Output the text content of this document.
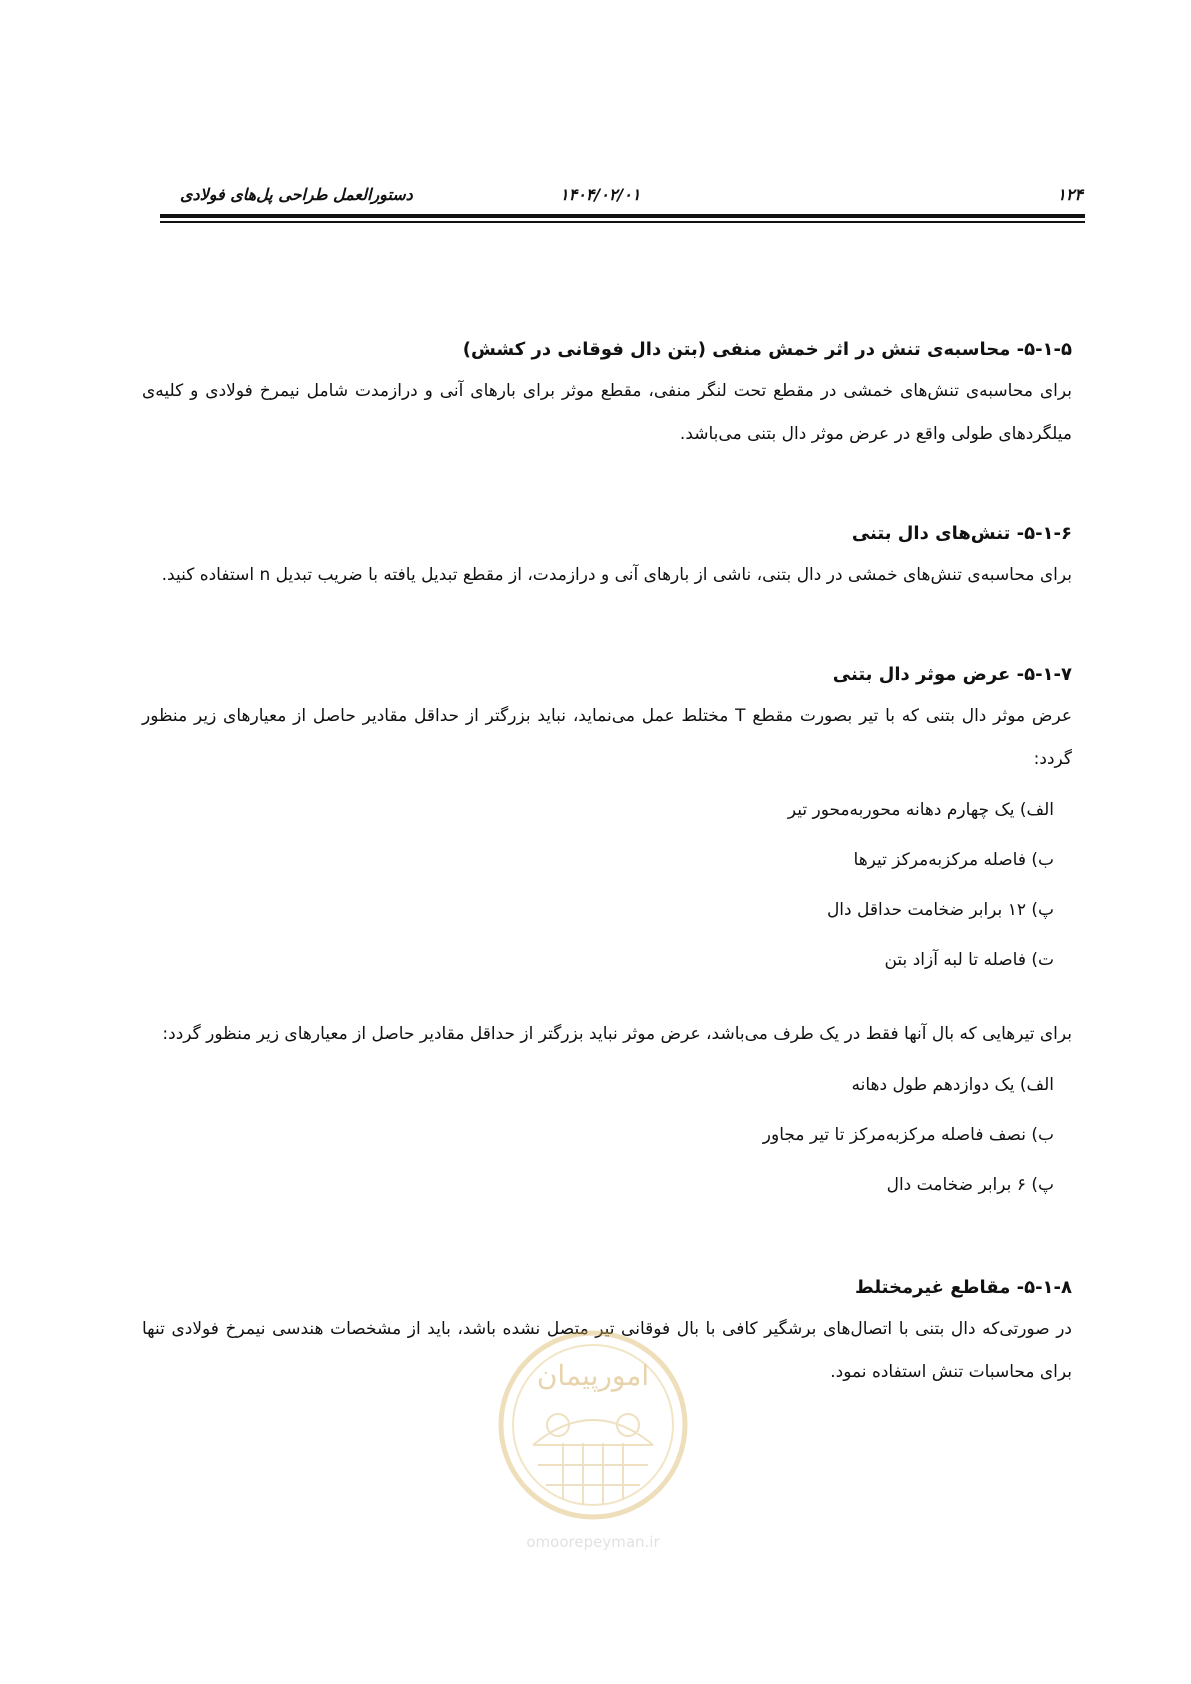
۱۲۴
۱۴۰۴/۰۲/۰۱
دستورالعمل طراحی پل‌های فولادی

۵-۱-۵- محاسبه‌ی تنش در اثر خمش منفی (بتن دال فوقانی در کشش)

برای محاسبه‌ی تنش‌های خمشی در مقطع تحت لنگر منفی، مقطع موثر برای بارهای آنی و درازمدت شامل نیمرخ فولادی و کلیه‌ی میلگردهای طولی واقع در عرض موثر دال بتنی می‌باشد.

۵-۱-۶- تنش‌های دال بتنی

برای محاسبه‌ی تنش‌های خمشی در دال بتنی، ناشی از بارهای آنی و درازمدت، از مقطع تبدیل یافته با ضریب تبدیل n استفاده کنید.

۵-۱-۷- عرض موثر دال بتنی

عرض موثر دال بتنی که با تیر بصورت مقطع T مختلط عمل می‌نماید، نباید بزرگتر از حداقل مقادیر حاصل از معیارهای زیر منظور گردد:

الف) یک چهارم دهانه محوربه‌محور تیر
ب) فاصله مرکزبه‌مرکز تیرها
پ) ۱۲ برابر ضخامت حداقل دال
ت) فاصله تا لبه آزاد بتن

برای تیرهایی که بال آنها فقط در یک طرف می‌باشد، عرض موثر نباید بزرگتر از حداقل مقادیر حاصل از معیارهای زیر منظور گردد:

الف) یک دوازدهم طول دهانه
ب) نصف فاصله مرکزبه‌مرکز تا تیر مجاور
پ) ۶ برابر ضخامت دال

۵-۱-۸- مقاطع غیرمختلط

در صورتی‌که دال بتنی با اتصال‌های برشگیر کافی با بال فوقانی تیر متصل نشده باشد، باید از مشخصات هندسی نیمرخ فولادی تنها برای محاسبات تنش استفاده نمود.

امورپیمان
omoorepeyman.ir
